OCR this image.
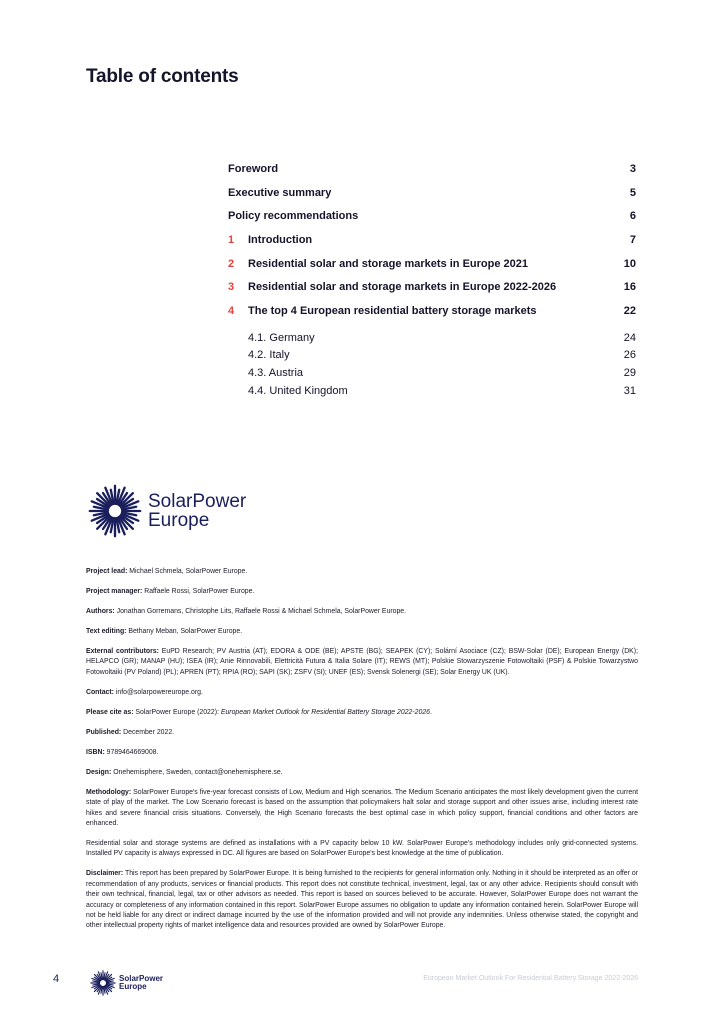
Table of contents
Foreword	3
Executive summary	5
Policy recommendations	6
1 Introduction	7
2 Residential solar and storage markets in Europe 2021	10
3 Residential solar and storage markets in Europe 2022-2026	16
4 The top 4 European residential battery storage markets	22
4.1. Germany	24
4.2. Italy	26
4.3. Austria	29
4.4. United Kingdom	31
SolarPower
Europe

Project lead: Michael Schmela, SolarPower Europe.

Project manager: Raffaele Rossi, SolarPower Europe.

Authors: Jonathan Gorremans, Christophe Lits, Raffaele Rossi & Michael Schmela, SolarPower Europe.

Text editing: Bethany Meban, SolarPower Europe.

External contributors: EuPD Research; PV Austria (AT); EDORA & ODE (BE); APSTE (BG); SEAPEK (CY); Solární Asociace (CZ); BSW-Solar (DE); European Energy (DK); HELAPCO (GR); MANAP (HU); ISEA (IR); Anie Rinnovabili, Elettricità Futura & Italia Solare (IT); REWS (MT); Polskie Stowarzyszenie Fotowoltaiki (PSF) & Polskie Towarzystwo Fotowoltaiki (PV Poland) (PL); APREN (PT); RPIA (RO); SAPI (SK); ZSFV (SI); UNEF (ES); Svensk Solenergi (SE); Solar Energy UK (UK).

Contact: info@solarpowereurope.org.

Please cite as: SolarPower Europe (2022): European Market Outlook for Residential Battery Storage 2022-2026.

Published: December 2022.

ISBN: 9789464669008.

Design: Onehemisphere, Sweden, contact@onehemisphere.se.

Methodology: SolarPower Europe's five-year forecast consists of Low, Medium and High scenarios. The Medium Scenario anticipates the most likely development given the current state of play of the market. The Low Scenario forecast is based on the assumption that policymakers halt solar and storage support and other issues arise, including interest rate hikes and severe financial crisis situations. Conversely, the High Scenario forecasts the best optimal case in which policy support, financial conditions and other factors are enhanced.

Residential solar and storage systems are defined as installations with a PV capacity below 10 kW. SolarPower Europe's methodology includes only grid-connected systems. Installed PV capacity is always expressed in DC. All figures are based on SolarPower Europe's best knowledge at the time of publication.

Disclaimer: This report has been prepared by SolarPower Europe. It is being furnished to the recipients for general information only. Nothing in it should be interpreted as an offer or recommendation of any products, services or financial products. This report does not constitute technical, investment, legal, tax or any other advice. Recipients should consult with their own technical, financial, legal, tax or other advisors as needed. This report is based on sources believed to be accurate. However, SolarPower Europe does not warrant the accuracy or completeness of any information contained in this report. SolarPower Europe assumes no obligation to update any information contained herein. SolarPower Europe will not be held liable for any direct or indirect damage incurred by the use of the information provided and will not provide any indemnities. Unless otherwise stated, the copyright and other intellectual property rights of market intelligence data and resources provided are owned by SolarPower Europe.

4	SolarPower
Europe
European Market Outlook For Residential Battery Storage 2022-2026
